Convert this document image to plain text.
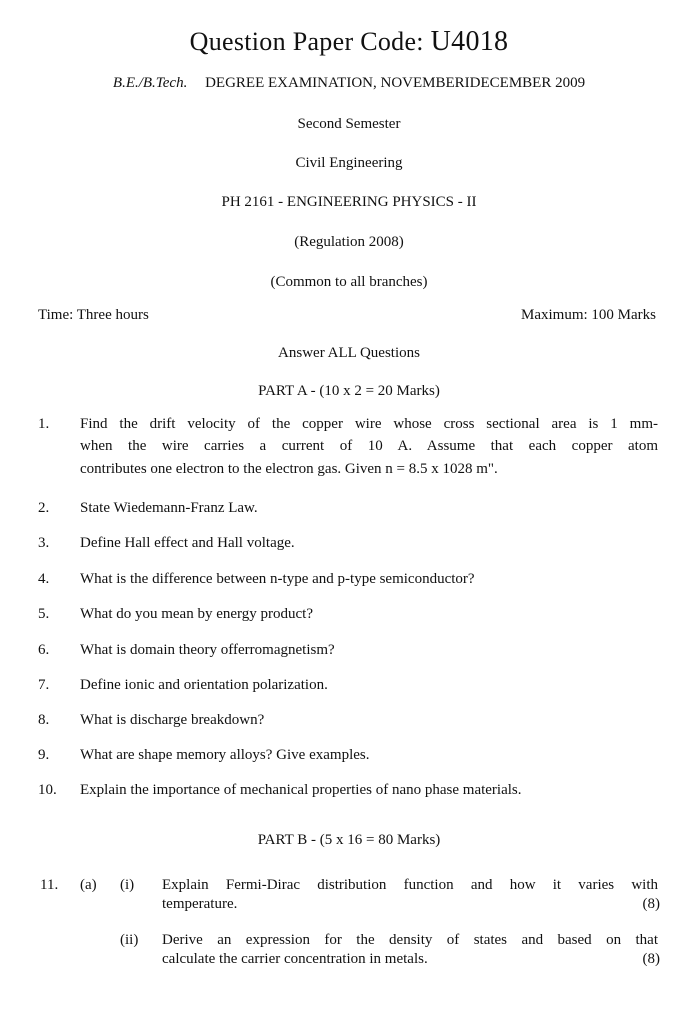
Question Paper Code: U4018
B.E./B.Tech. DEGREE EXAMINATION, NOVEMBERIDECEMBER 2009
Second Semester
Civil Engineering
PH 2161 - ENGINEERING PHYSICS - II
(Regulation 2008)
(Common to all branches)
Time: Three hours	Maximum: 100 Marks
Answer ALL Questions
PART A - (10 x 2 = 20 Marks)
1. Find the drift velocity of the copper wire whose cross sectional area is 1 mm-
when the wire carries a current of 10 A. Assume that each copper atom
contributes one electron to the electron gas. Given n = 8.5 x 1028 m".
2. State Wiedemann-Franz Law.
3. Define Hall effect and Hall voltage.
4. What is the difference between n-type and p-type semiconductor?
5. What do you mean by energy product?
6. What is domain theory offerromagnetism?
7. Define ionic and orientation polarization.
8. What is discharge breakdown?
9. What are shape memory alloys? Give examples.
10. Explain the importance of mechanical properties of nano phase materials.
PART B - (5 x 16 = 80 Marks)
11. (a) (i) Explain Fermi-Dirac distribution function and how it varies with
temperature.	(8)
(ii) Derive an expression for the density of states and based on that
calculate the carrier concentration in metals.	(8)
